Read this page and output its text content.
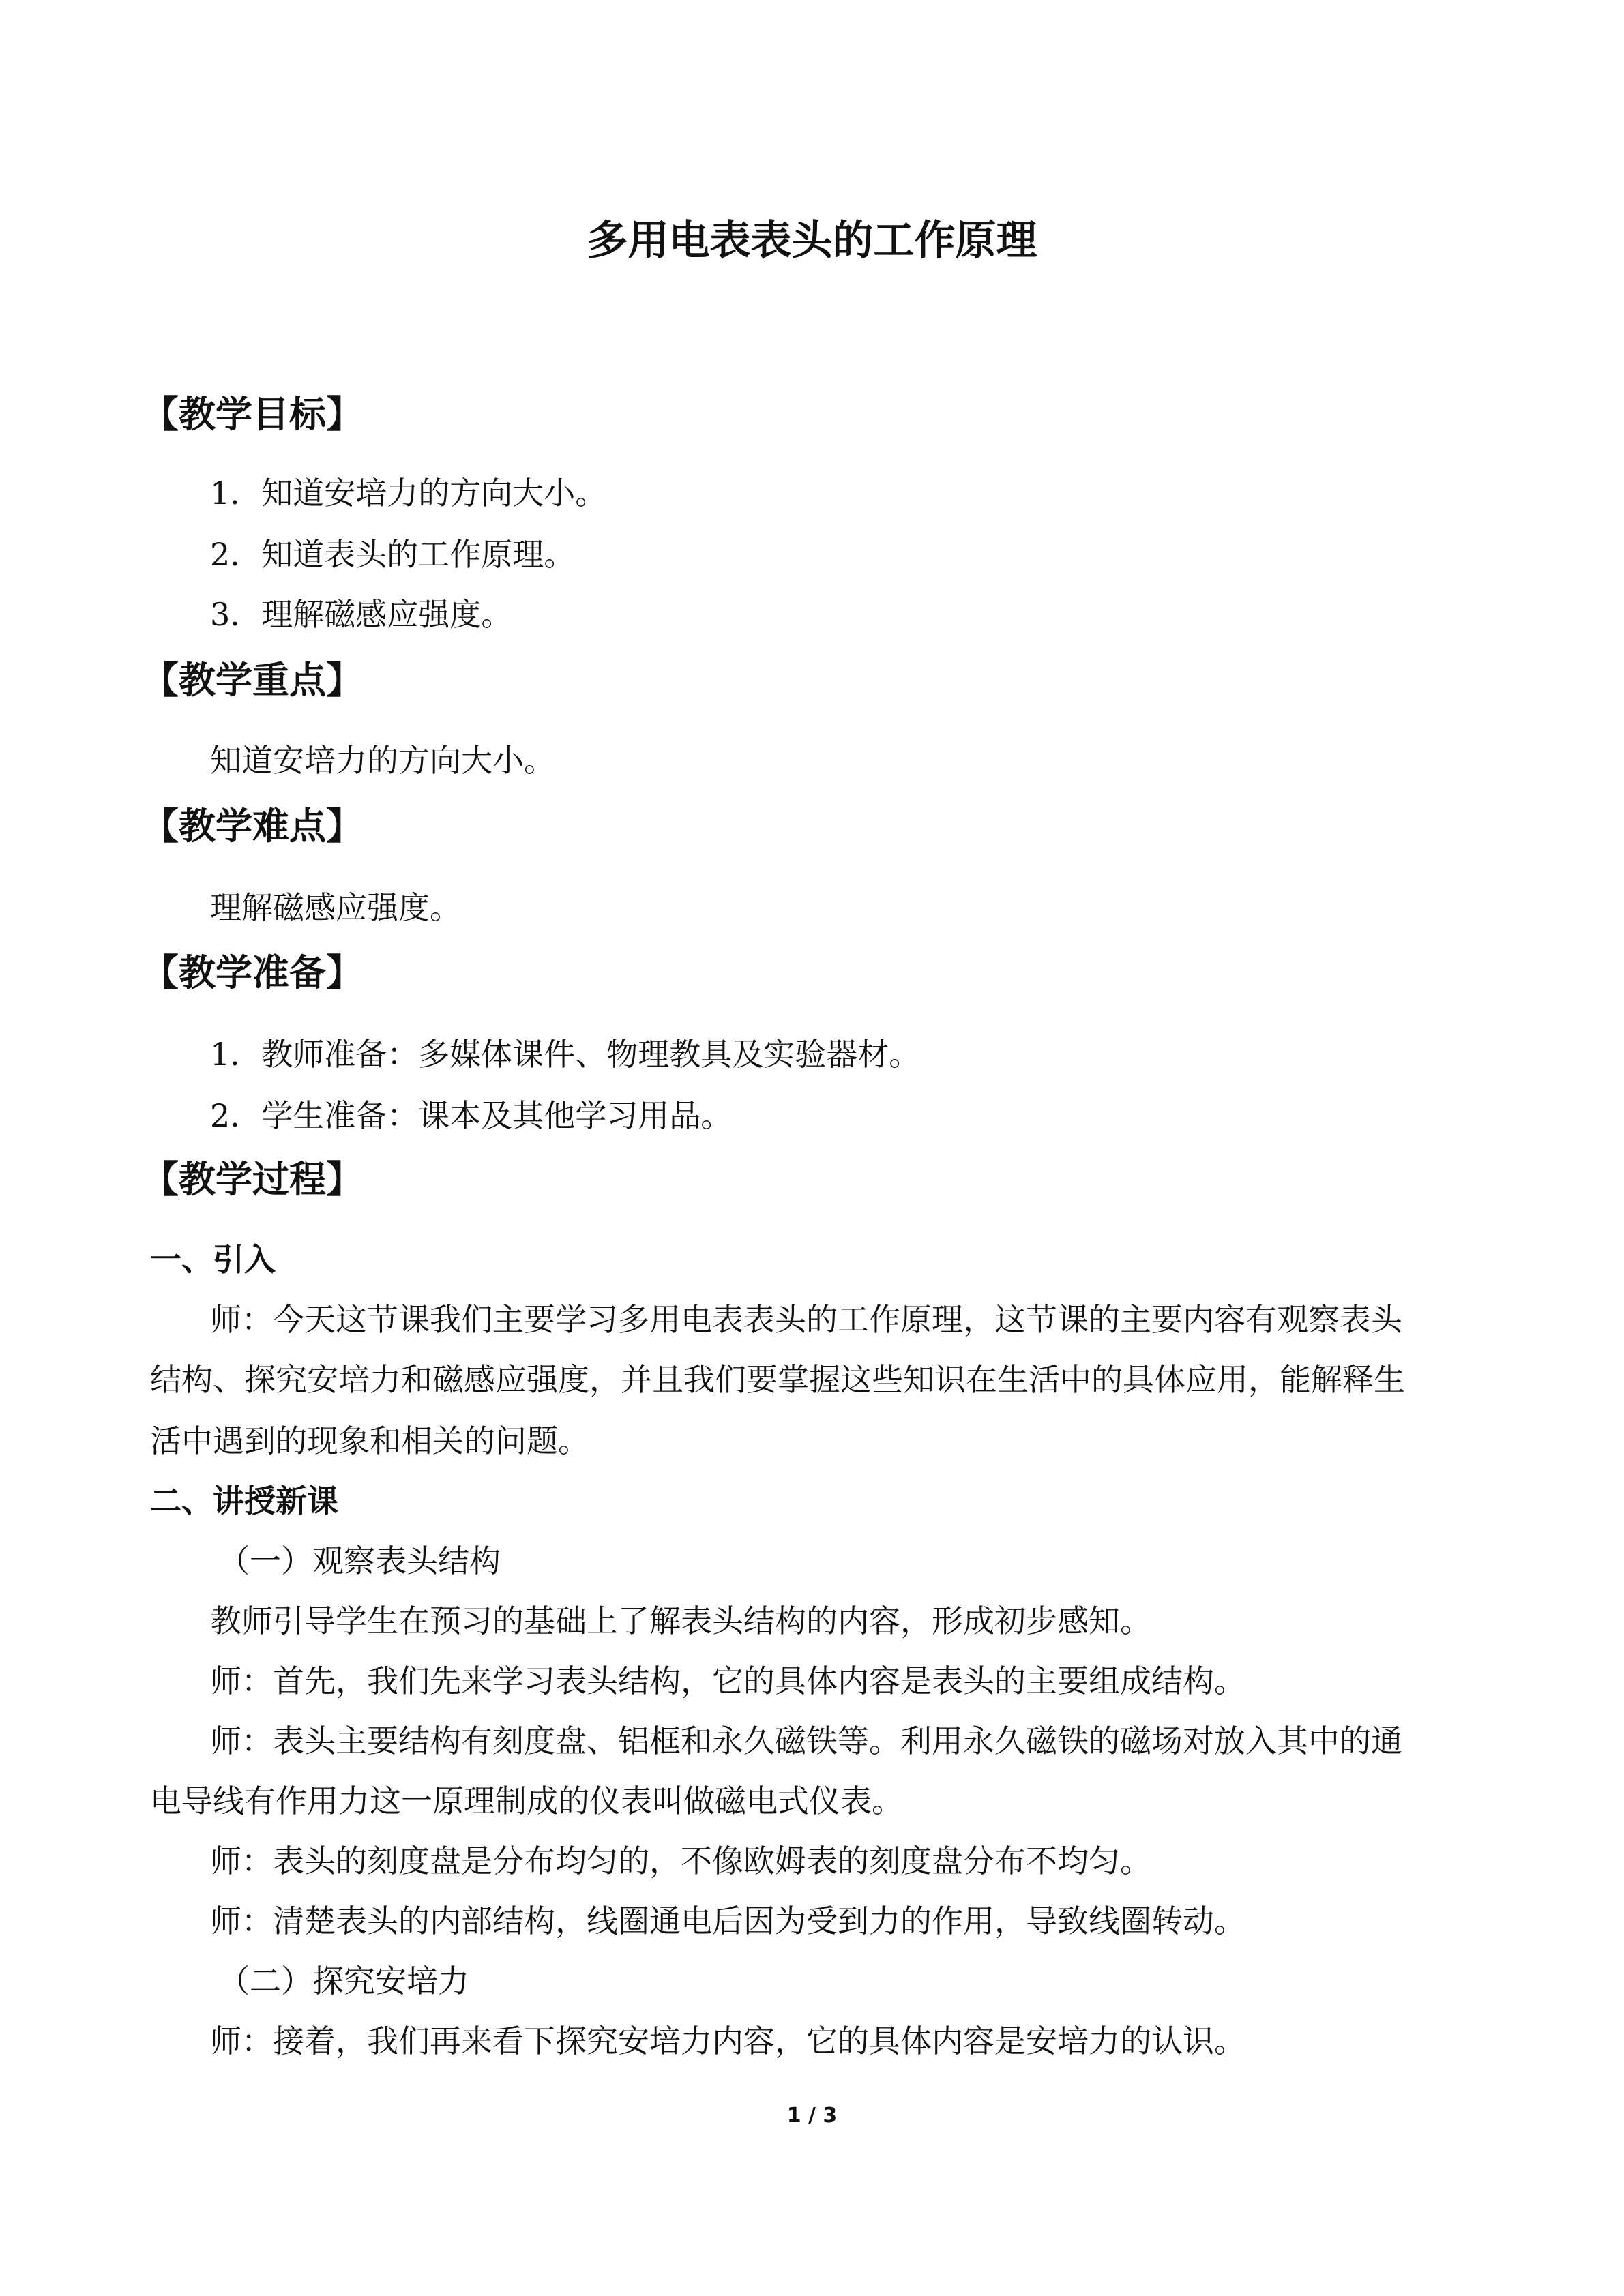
多用电表表头的工作原理
【教学目标】
1．知道安培力的方向大小。
2．知道表头的工作原理。
3．理解磁感应强度。
【教学重点】
知道安培力的方向大小。
【教学难点】
理解磁感应强度。
【教学准备】
1．教师准备：多媒体课件、物理教具及实验器材。
2．学生准备：课本及其他学习用品。
【教学过程】
一、引入
师：今天这节课我们主要学习多用电表表头的工作原理，这节课的主要内容有观察表头
结构、探究安培力和磁感应强度，并且我们要掌握这些知识在生活中的具体应用，能解释生
活中遇到的现象和相关的问题。
二、讲授新课
（一）观察表头结构
教师引导学生在预习的基础上了解表头结构的内容，形成初步感知。
师：首先，我们先来学习表头结构，它的具体内容是表头的主要组成结构。
师：表头主要结构有刻度盘、铝框和永久磁铁等。利用永久磁铁的磁场对放入其中的通
电导线有作用力这一原理制成的仪表叫做磁电式仪表。
师：表头的刻度盘是分布均匀的，不像欧姆表的刻度盘分布不均匀。
师：清楚表头的内部结构，线圈通电后因为受到力的作用，导致线圈转动。
（二）探究安培力
师：接着，我们再来看下探究安培力内容，它的具体内容是安培力的认识。
1 / 3
